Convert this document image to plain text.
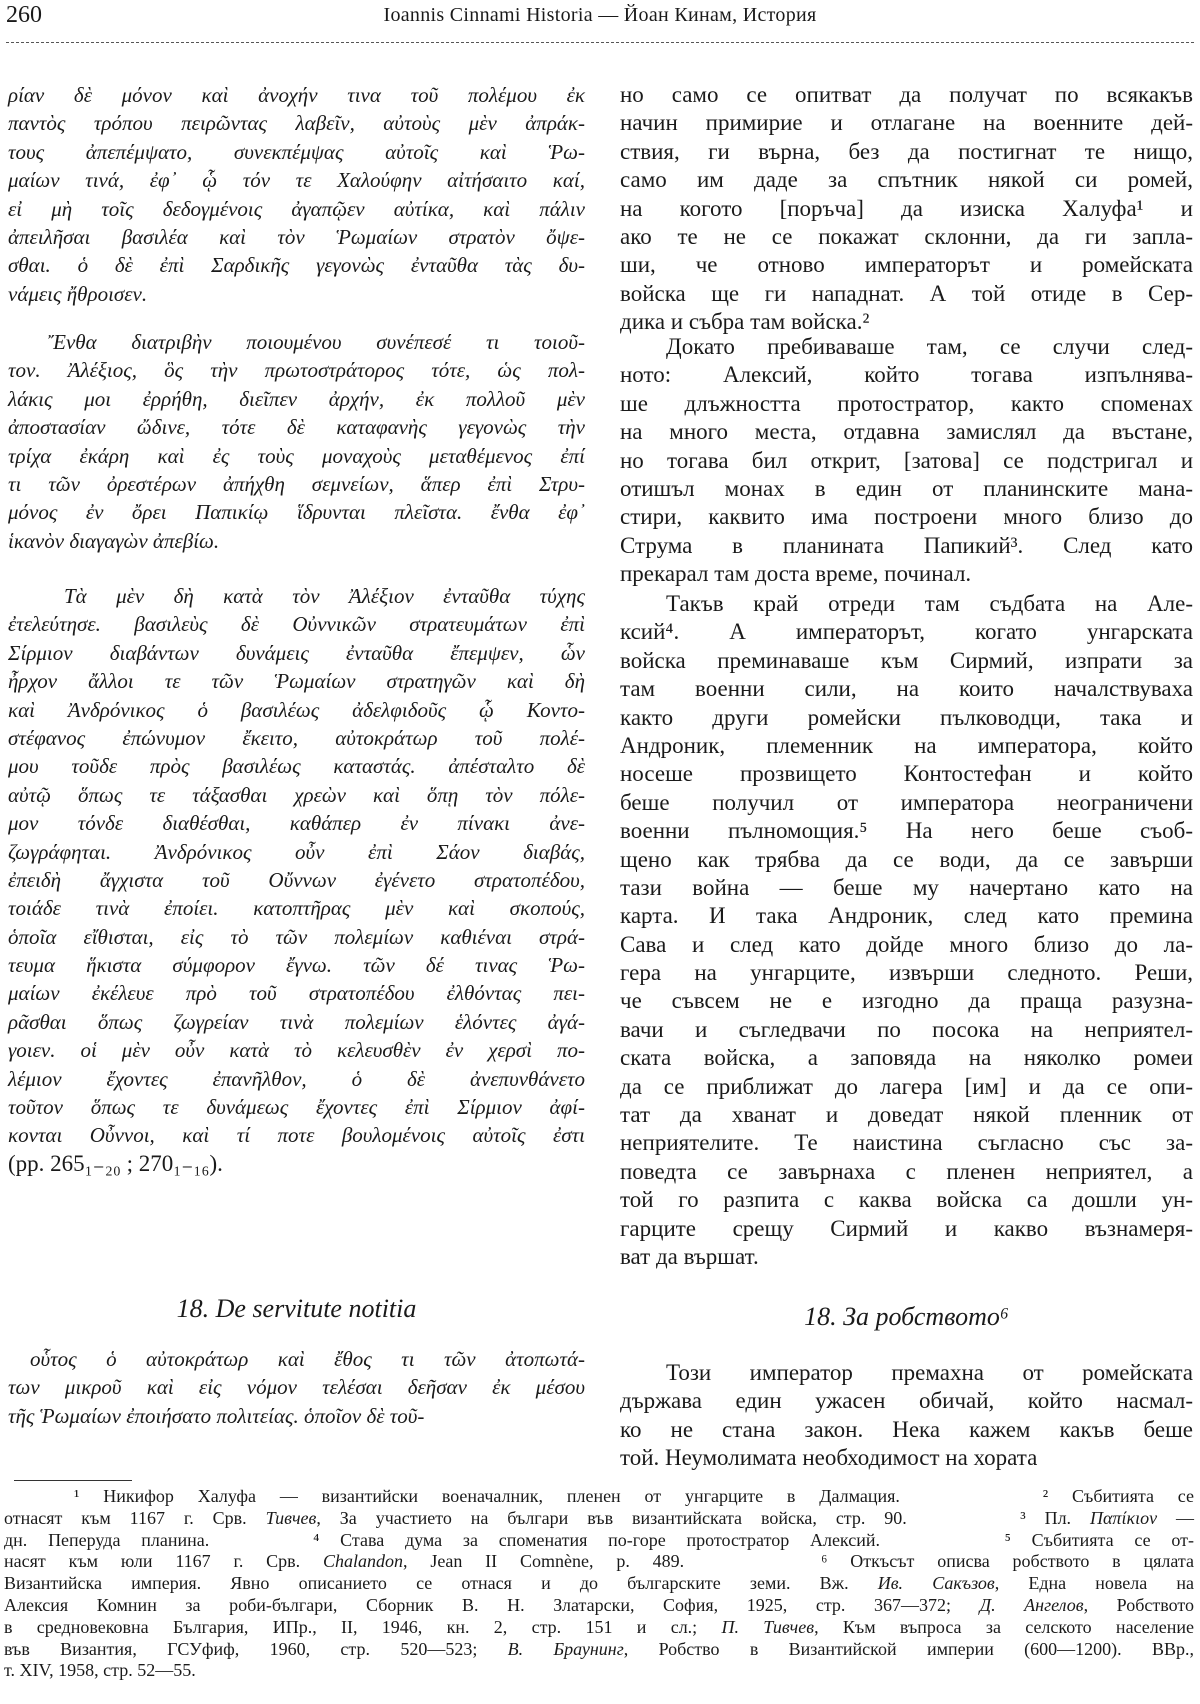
260	Ioannis Cinnami Historia — Йоан Кинам, История
ρίαν δὲ μόνον καὶ ἀνοχήν τινα τοῦ πολέμου ἐκ
παντὸς τρόπου πειρῶντας λαβεῖν, αὐτοὺς μὲν ἀπράκ-
τους ἀπεπέμψατο, συνεκπέμψας αὐτοῖς καὶ Ῥω-
μαίων τινά, ἐφ᾽ ᾧ τόν τε Χαλούφην αἰτήσαιτο καί,
εἰ μὴ τοῖς δεδογμένοις ἀγαπῷεν αὐτίκα, καὶ πάλιν
ἀπειλῆσαι βασιλέα καὶ τὸν Ῥωμαίων στρατὸν ὄψε-
σθαι. ὁ δὲ ἐπὶ Σαρδικῆς γεγονὼς ἐνταῦθα τὰς δυ-
νάμεις ἤθροισεν.
Ἔνθα διατριβὴν ποιουμένου συνέπεσέ τι τοιοῦ-
τον. Ἀλέξιος, ὃς τὴν πρωτοστράτορος τότε, ὡς πολ-
λάκις μοι ἐρρήθη, διεῖπεν ἀρχήν, ἐκ πολλοῦ μὲν
ἀποστασίαν ὤδινε, τότε δὲ καταφανὴς γεγονὼς τὴν
τρίχα ἐκάρη καὶ ἐς τοὺς μοναχοὺς μεταθέμενος ἐπί
τι τῶν ὀρεστέρων ἀπήχθη σεμνείων, ἅπερ ἐπὶ Στρυ-
μόνος ἐν ὄρει Παπικίῳ ἵδρυνται πλεῖστα. ἔνθα ἐφ᾽
ἱκανὸν διαγαγὼν ἀπεβίω.
Τὰ μὲν δὴ κατὰ τὸν Ἀλέξιον ἐνταῦθα τύχης
ἐτελεύτησε. βασιλεὺς δὲ Οὐννικῶν στρατευμάτων ἐπὶ
Σίρμιον διαβάντων δυνάμεις ἐνταῦθα ἔπεμψεν, ὧν
ἦρχον ἄλλοι τε τῶν Ῥωμαίων στρατηγῶν καὶ δὴ
καὶ Ἀνδρόνικος ὁ βασιλέως ἀδελφιδοῦς ᾧ Κοντο-
στέφανος ἐπώνυμον ἔκειτο, αὐτοκράτωρ τοῦ πολέ-
μου τοῦδε πρὸς βασιλέως καταστάς. ἀπέσταλτο δὲ
αὐτῷ ὅπως τε τάξασθαι χρεὼν καὶ ὅπῃ τὸν πόλε-
μον τόνδε διαθέσθαι, καθάπερ ἐν πίνακι ἀνε-
ζωγράφηται. Ἀνδρόνικος οὖν ἐπὶ Σάον διαβάς,
ἐπειδὴ ἄγχιστα τοῦ Οὔννων ἐγένετο στρατοπέδου,
τοιάδε τινὰ ἐποίει. κατοπτῆρας μὲν καὶ σκοπούς,
ὁποῖα εἴθισται, εἰς τὸ τῶν πολεμίων καθιέναι στρά-
τευμα ἥκιστα σύμφορον ἔγνω. τῶν δέ τινας Ῥω-
μαίων ἐκέλευε πρὸ τοῦ στρατοπέδου ἐλθόντας πει-
ρᾶσθαι ὅπως ζωγρείαν τινὰ πολεμίων ἑλόντες ἀγά-
γοιεν. οἱ μὲν οὖν κατὰ τὸ κελευσθὲν ἐν χερσὶ πο-
λέμιον ἔχοντες ἐπανῆλθον, ὁ δὲ ἀνεπυνθάνετο
τοῦτον ὅπως τε δυνάμεως ἔχοντες ἐπὶ Σίρμιον ἀφί-
κονται Οὖννοι, καὶ τί ποτε βουλομένοις αὐτοῖς ἐστι
(pp. 265₁₋₂₀ ; 270₁₋₁₆).
18. De servitute notitia
οὗτος ὁ αὐτοκράτωρ καὶ ἔθος τι τῶν ἀτοπωτά-
των μικροῦ καὶ εἰς νόμον τελέσαι δεῆσαν ἐκ μέσου
τῆς Ῥωμαίων ἐποιήσατο πολιτείας. ὁποῖον δὲ τοῦ-
но само се опитват да получат по всякакъв
начин примирие и отлагане на военните дей-
ствия, ги върна, без да постигнат те нищо,
само им даде за спътник някой си ромей,
на когото [поръча] да изиска Халуфа¹ и
ако те не се покажат склонни, да ги запла-
ши, че отново императорът и ромейската
войска ще ги нападнат. А той отиде в Сер-
дика и събра там войска.²
Докато пребиваваше там, се случи след-
ното: Алексий, който тогава изпълнява-
ше длъжността протостратор, както споменах
на много места, отдавна замислял да въстане,
но тогава бил открит, [затова] се подстригал и
отишъл монах в един от планинските мана-
стири, каквито има построени много близо до
Струма в планината Папикий³. След като
прекарал там доста време, починал.
Такъв край отреди там съдбата на Але-
ксий⁴. А императорът, когато унгарската
войска преминаваше към Сирмий, изпрати за
там военни сили, на които началствуваха
както други ромейски пълководци, така и
Андроник, племенник на императора, който
носеше прозвището Контостефан и който
беше получил от императора неограничени
военни пълномощия.⁵ На него беше съоб-
щено как трябва да се води, да се завърши
тази война — беше му начертано като на
карта. И така Андроник, след като премина
Сава и след като дойде много близо до ла-
гера на унгарците, извърши следното. Реши,
че съвсем не е изгодно да праща разузна-
вачи и съгледвачи по посока на неприятел-
ската войска, а заповяда на няколко ромеи
да се приближат до лагера [им] и да се опи-
тат да хванат и доведат някой пленник от
неприятелите. Те наистина съгласно със за-
поведта се завърнаха с пленен неприятел, а
той го разпита с каква войска са дошли ун-
гарците срещу Сирмий и какво възнамеря-
ват да вършат.
18. За робството⁶
Този император премахна от ромейската
държава един ужасен обичай, който насмал-
ко не стана закон. Нека кажем какъв беше
той. Неумолимата необходимост на хората
¹ Никифор Халуфа — византийски военачалник, пленен от унгарците в Далмация.      ² Събитията се
отнасят към 1167 г. Срв. Тивчев, За участието на българи във византийската войска, стр. 90.      ³ Пл. Παπίκιον —
дн. Пеперуда планина.     ⁴ Става дума за споменатия по-горе протостратор Алексий.      ⁵ Събитията се от-
насят към юли 1167 г. Срв. Chalandon, Jean II Comnène, p. 489.      ⁶ Откъсът описва робството в цялата
Византийска империя. Явно описанието се отнася и до българските земи. Вж. Ив. Сакъзов, Една новела на
Алексия Комнин за роби-българи, Сборник В. Н. Златарски, София, 1925, стр. 367—372; Д. Ангелов, Робството
в средновековна България, ИПр., II, 1946, кн. 2, стр. 151 и сл.; П. Тивчев, Към въпроса за селското население
във Византия, ГСУфиф, 1960, стр. 520—523; В. Браунинг, Робство в Византийской империи (600—1200). ВВр.,
т. XIV, 1958, стр. 52—55.
